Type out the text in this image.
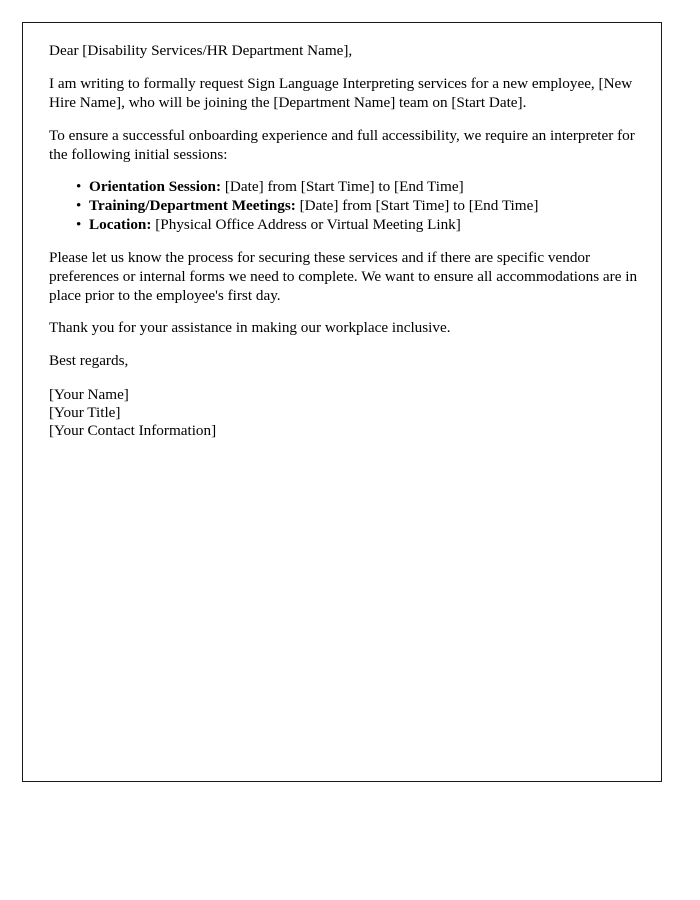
Dear [Disability Services/HR Department Name],

I am writing to formally request Sign Language Interpreting services for a new employee, [New Hire Name], who will be joining the [Department Name] team on [Start Date].

To ensure a successful onboarding experience and full accessibility, we require an interpreter for the following initial sessions:

• Orientation Session: [Date] from [Start Time] to [End Time]
• Training/Department Meetings: [Date] from [Start Time] to [End Time]
• Location: [Physical Office Address or Virtual Meeting Link]

Please let us know the process for securing these services and if there are specific vendor preferences or internal forms we need to complete. We want to ensure all accommodations are in place prior to the employee's first day.

Thank you for your assistance in making our workplace inclusive.

Best regards,

[Your Name]

[Your Title]

[Your Contact Information]
